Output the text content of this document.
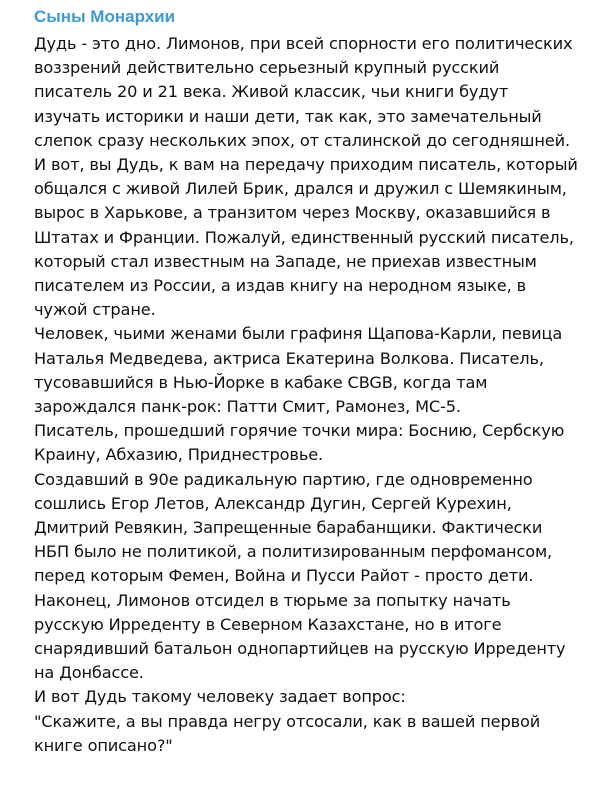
Сыны Монархии

Дудь - это дно. Лимонов, при всей спорности его политических воззрений действительно серьезный крупный русский писатель 20 и 21 века. Живой классик, чьи книги будут изучать историки и наши дети, так как, это замечательный слепок сразу нескольких эпох, от сталинской до сегодняшней.

И вот, вы Дудь, к вам на передачу приходим писатель, который общался с живой Лилей Брик, дрался и дружил с Шемякиным, вырос в Харькове, а транзитом через Москву, оказавшийся в Штатах и Франции. Пожалуй, единственный русский писатель, который стал известным на Западе, не приехав известным писателем из России, а издав книгу на неродном языке, в чужой стране.

Человек, чьими женами были графиня Щапова-Карли, певица Наталья Медведева, актриса Екатерина Волкова. Писатель, тусовавшийся в Нью-Йорке в кабаке CBGB, когда там зарождался панк-рок: Патти Смит, Рамонез, MC-5.

Писатель, прошедший горячие точки мира: Боснию, Сербскую Краину, Абхазию, Приднестровье.

Создавший в 90е радикальную партию, где одновременно сошлись Егор Летов, Александр Дугин, Сергей Курехин, Дмитрий Ревякин, Запрещенные барабанщики. Фактически НБП было не политикой, а политизированным перфомансом, перед которым Фемен, Война и Пусси Райот - просто дети.

Наконец, Лимонов отсидел в тюрьме за попытку начать русскую Ирреденту в Северном Казахстане, но в итоге снарядивший батальон однопартийцев на русскую Ирреденту на Донбассе.

И вот Дудь такому человеку задает вопрос:

"Скажите, а вы правда негру отсосали, как в вашей первой книге описано?"
